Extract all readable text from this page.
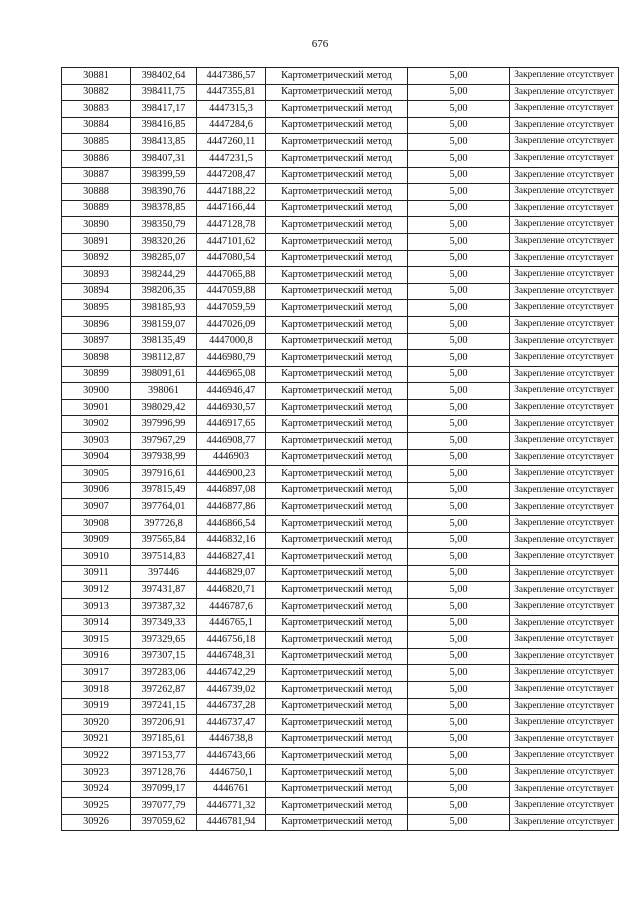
676
30881	398402,64	4447386,57	Картометрический метод	5,00	Закрепление отсутствует
30882	398411,75	4447355,81	Картометрический метод	5,00	Закрепление отсутствует
30883	398417,17	4447315,3	Картометрический метод	5,00	Закрепление отсутствует
30884	398416,85	4447284,6	Картометрический метод	5,00	Закрепление отсутствует
30885	398413,85	4447260,11	Картометрический метод	5,00	Закрепление отсутствует
30886	398407,31	4447231,5	Картометрический метод	5,00	Закрепление отсутствует
30887	398399,59	4447208,47	Картометрический метод	5,00	Закрепление отсутствует
30888	398390,76	4447188,22	Картометрический метод	5,00	Закрепление отсутствует
30889	398378,85	4447166,44	Картометрический метод	5,00	Закрепление отсутствует
30890	398350,79	4447128,78	Картометрический метод	5,00	Закрепление отсутствует
30891	398320,26	4447101,62	Картометрический метод	5,00	Закрепление отсутствует
30892	398285,07	4447080,54	Картометрический метод	5,00	Закрепление отсутствует
30893	398244,29	4447065,88	Картометрический метод	5,00	Закрепление отсутствует
30894	398206,35	4447059,88	Картометрический метод	5,00	Закрепление отсутствует
30895	398185,93	4447059,59	Картометрический метод	5,00	Закрепление отсутствует
30896	398159,07	4447026,09	Картометрический метод	5,00	Закрепление отсутствует
30897	398135,49	4447000,8	Картометрический метод	5,00	Закрепление отсутствует
30898	398112,87	4446980,79	Картометрический метод	5,00	Закрепление отсутствует
30899	398091,61	4446965,08	Картометрический метод	5,00	Закрепление отсутствует
30900	398061	4446946,47	Картометрический метод	5,00	Закрепление отсутствует
30901	398029,42	4446930,57	Картометрический метод	5,00	Закрепление отсутствует
30902	397996,99	4446917,65	Картометрический метод	5,00	Закрепление отсутствует
30903	397967,29	4446908,77	Картометрический метод	5,00	Закрепление отсутствует
30904	397938,99	4446903	Картометрический метод	5,00	Закрепление отсутствует
30905	397916,61	4446900,23	Картометрический метод	5,00	Закрепление отсутствует
30906	397815,49	4446897,08	Картометрический метод	5,00	Закрепление отсутствует
30907	397764,01	4446877,86	Картометрический метод	5,00	Закрепление отсутствует
30908	397726,8	4446866,54	Картометрический метод	5,00	Закрепление отсутствует
30909	397565,84	4446832,16	Картометрический метод	5,00	Закрепление отсутствует
30910	397514,83	4446827,41	Картометрический метод	5,00	Закрепление отсутствует
30911	397446	4446829,07	Картометрический метод	5,00	Закрепление отсутствует
30912	397431,87	4446820,71	Картометрический метод	5,00	Закрепление отсутствует
30913	397387,32	4446787,6	Картометрический метод	5,00	Закрепление отсутствует
30914	397349,33	4446765,1	Картометрический метод	5,00	Закрепление отсутствует
30915	397329,65	4446756,18	Картометрический метод	5,00	Закрепление отсутствует
30916	397307,15	4446748,31	Картометрический метод	5,00	Закрепление отсутствует
30917	397283,06	4446742,29	Картометрический метод	5,00	Закрепление отсутствует
30918	397262,87	4446739,02	Картометрический метод	5,00	Закрепление отсутствует
30919	397241,15	4446737,28	Картометрический метод	5,00	Закрепление отсутствует
30920	397206,91	4446737,47	Картометрический метод	5,00	Закрепление отсутствует
30921	397185,61	4446738,8	Картометрический метод	5,00	Закрепление отсутствует
30922	397153,77	4446743,66	Картометрический метод	5,00	Закрепление отсутствует
30923	397128,76	4446750,1	Картометрический метод	5,00	Закрепление отсутствует
30924	397099,17	4446761	Картометрический метод	5,00	Закрепление отсутствует
30925	397077,79	4446771,32	Картометрический метод	5,00	Закрепление отсутствует
30926	397059,62	4446781,94	Картометрический метод	5,00	Закрепление отсутствует
